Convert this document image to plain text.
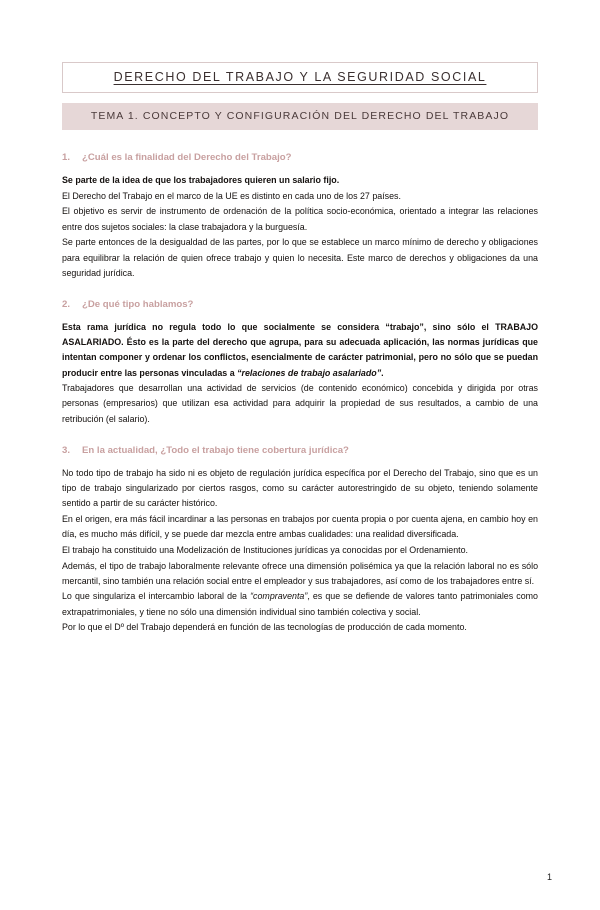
DERECHO DEL TRABAJO Y LA SEGURIDAD SOCIAL
TEMA 1. CONCEPTO Y CONFIGURACIÓN DEL DERECHO DEL TRABAJO
1. ¿Cuál es la finalidad del Derecho del Trabajo?

Se parte de la idea de que los trabajadores quieren un salario fijo.

El Derecho del Trabajo en el marco de la UE es distinto en cada uno de los 27 países.

El objetivo es servir de instrumento de ordenación de la política socio-económica, orientado a integrar las relaciones entre dos sujetos sociales: la clase trabajadora y la burguesía.

Se parte entonces de la desigualdad de las partes, por lo que se establece un marco mínimo de derecho y obligaciones para equilibrar la relación de quien ofrece trabajo y quien lo necesita. Este marco de derechos y obligaciones da una seguridad jurídica.

2. ¿De qué tipo hablamos?

Esta rama jurídica no regula todo lo que socialmente se considera “trabajo”, sino sólo el TRABAJO ASALARIADO. Ésto es la parte del derecho que agrupa, para su adecuada aplicación, las normas jurídicas que intentan componer y ordenar los conflictos, esencialmente de carácter patrimonial, pero no sólo que se puedan producir entre las personas vinculadas a “relaciones de trabajo asalariado”.

Trabajadores que desarrollan una actividad de servicios (de contenido económico) concebida y dirigida por otras personas (empresarios) que utilizan esa actividad para adquirir la propiedad de sus resultados, a cambio de una retribución (el salario).

3. En la actualidad, ¿Todo el trabajo tiene cobertura jurídica?

No todo tipo de trabajo ha sido ni es objeto de regulación jurídica específica por el Derecho del Trabajo, sino que es un tipo de trabajo singularizado por ciertos rasgos, como su carácter autorestringido de su objeto, teniendo solamente sentido a partir de su carácter histórico.

En el origen, era más fácil incardinar a las personas en trabajos por cuenta propia o por cuenta ajena, en cambio hoy en día, es mucho más difícil, y se puede dar mezcla entre ambas cualidades: una realidad diversificada.

El trabajo ha constituido una Modelización de Instituciones jurídicas ya conocidas por el Ordenamiento.

Además, el tipo de trabajo laboralmente relevante ofrece una dimensión polisémica ya que la relación laboral no es sólo mercantil, sino también una relación social entre el empleador y sus trabajadores, así como de los trabajadores entre sí.

Lo que singulariza el intercambio laboral de la “compraventa”, es que se defiende de valores tanto patrimoniales como extrapatrimoniales, y tiene no sólo una dimensión individual sino también colectiva y social.

Por lo que el Dº del Trabajo dependerá en función de las tecnologías de producción de cada momento.

1
